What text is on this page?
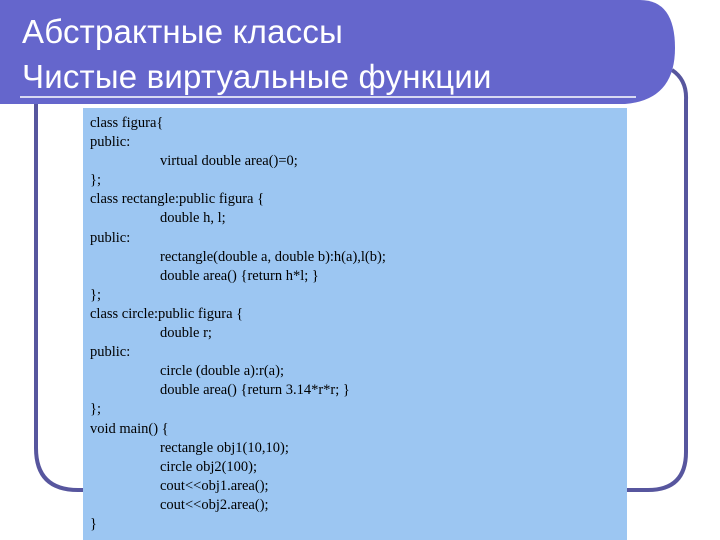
Абстрактные классы
Чистые виртуальные функции
class figura{
public:
virtual double area()=0;
};
class rectangle:public figura {
double h, l;
public:
rectangle(double a, double b):h(a),l(b);
double area() {return h*l; }
};
class circle:public figura {
double r;
public:
circle (double a):r(a);
double area() {return 3.14*r*r; }
};
void main() {
rectangle obj1(10,10);
circle obj2(100);
cout<<obj1.area();
cout<<obj2.area();
}
